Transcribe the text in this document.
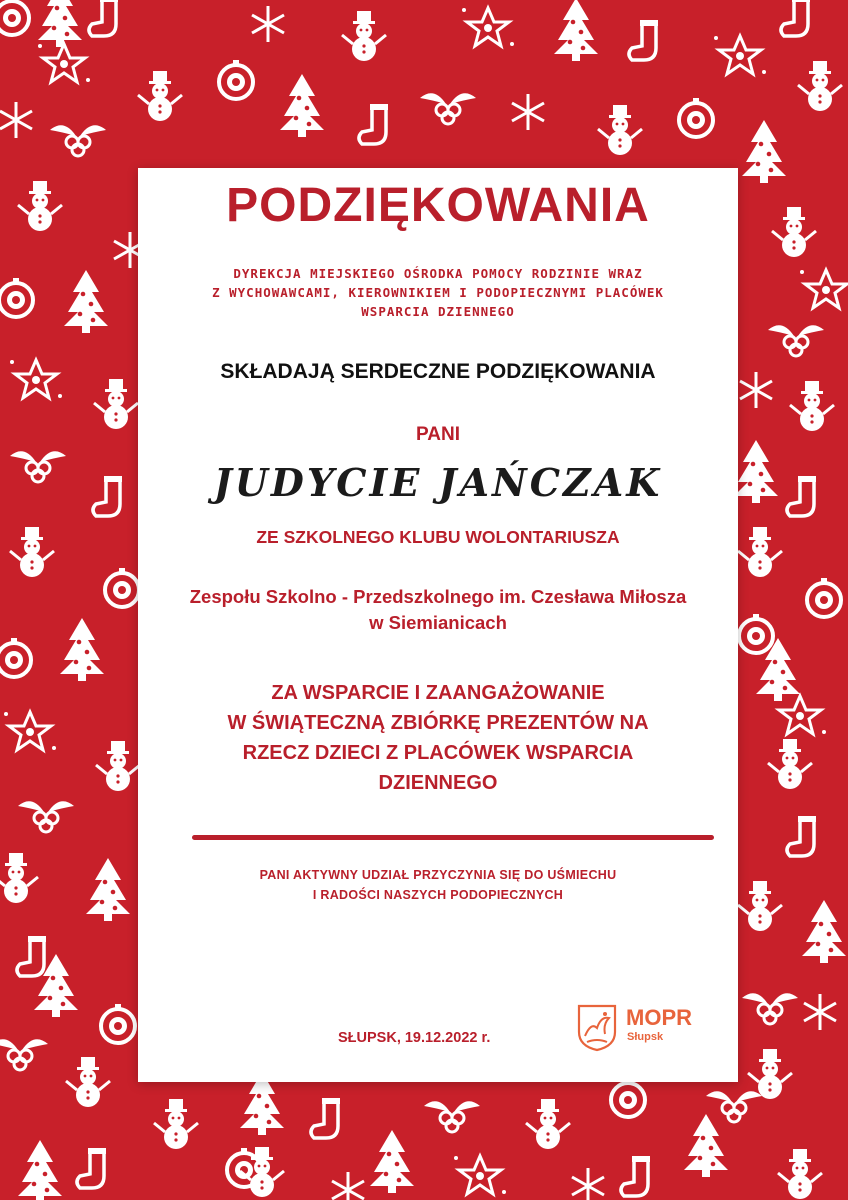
PODZIĘKOWANIA
DYREKCJA MIEJSKIEGO OŚRODKA POMOCY RODZINIE WRAZ
Z WYCHOWAWCAMI, KIEROWNIKIEM I PODOPIECZNYMI PLACÓWEK
WSPARCIA DZIENNEGO
SKŁADAJĄ SERDECZNE PODZIĘKOWANIA
PANI
JUDYCIE JAŃCZAK
ZE SZKOLNEGO KLUBU WOLONTARIUSZA
Zespołu Szkolno - Przedszkolnego im. Czesława Miłosza
w Siemianicach
ZA WSPARCIE I ZAANGAŻOWANIE
W ŚWIĄTECZNĄ ZBIÓRKĘ PREZENTÓW NA
RZECZ DZIECI Z PLACÓWEK WSPARCIA
DZIENNEGO
PANI AKTYWNY UDZIAŁ PRZYCZYNIA SIĘ DO UŚMIECHU
I RADOŚCI NASZYCH PODOPIECZNYCH
SŁUPSK, 19.12.2022 r.
MOPR
Słupsk
